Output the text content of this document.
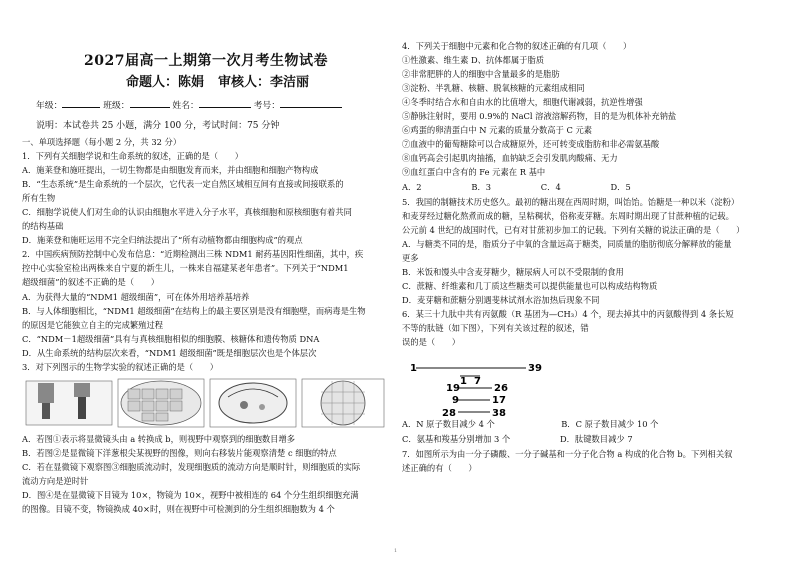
2027届高一上期第一次月考生物试卷
命题人：陈娟 审核人：李洁丽
年级：	班级：	姓名：	考号：
说明：本试卷共 25 小题，满分 100 分，考试时间：75 分钟
一、单项选择题（每小题 2 分，共 32 分）
1．下列有关细胞学说和生命系统的叙述，正确的是（　　）
A．施莱登和施旺提出，一切生物都是由细胞发育而来，并由细胞和细胞产物构成
B．“生态系统”是生命系统的一个层次，它代表一定自然区域相互间有直接或间接联系的
所有生物
C．细胞学说使人们对生命的认识由细胞水平进入分子水平，真核细胞和原核细胞有着共同
的结构基础
D．施莱登和施旺运用不完全归纳法提出了“所有动植物都由细胞构成”的观点
2．中国疾病预防控制中心发布信息：“近期检测出三株 NDM1 耐药基因阳性细菌，其中，疾
控中心实验室检出两株来自宁夏的新生儿，一株来自福建某老年患者”。下列关于“NDM1
超级细菌”的叙述不正确的是（　　）
A．为获得大量的“NDM1 超级细菌”，可在体外用培养基培养
B．与人体细胞相比，“NDM1 超级细菌”在结构上的最主要区别是没有细胞壁，而病毒是生物
的原因是它能独立自主的完成繁殖过程
C．“NDM－1超级细菌”具有与真核细胞相似的细胞膜、核糖体和遗传物质 DNA
D．从生命系统的结构层次来看，“NDM1 超级细菌”既是细胞层次也是个体层次
3．对下列图示的生物学实验的叙述正确的是（　　）
A．若图①表示将显微镜头由 a 转换成 b，则视野中观察到的细胞数目增多
B．若图②是显微镜下洋葱根尖某视野的图像，则向右移装片能观察清楚 c 细胞的特点
C．若在显微镜下观察图③细胞质流动时，发现细胞质的流动方向是顺时针，则细胞质的实际
流动方向是逆时针
D．图④是在显微镜下目镜为 10×，物镜为 10×，视野中被相连的 64 个分生组织细胞充满
的图像。目镜不变，物镜换成 40×时，则在视野中可检测到的分生组织细胞数为 4 个
4．下列关于细胞中元素和化合物的叙述正确的有几项（　　）
①性激素、维生素 D、抗体都属于脂质
②非常肥胖的人的细胞中含量最多的是脂肪
③淀粉、半乳糖、核糖、脱氧核糖的元素组成相同
④冬季时结合水和自由水的比值增大，细胞代谢减弱，抗逆性增强
⑤静脉注射时，要用 0.9%的 NaCl 溶液溶解药物，目的是为机体补充钠盐
⑥鸡蛋的卵清蛋白中 N 元素的质量分数高于 C 元素
⑦血液中的葡萄糖除可以合成糖原外，还可转变成脂肪和非必需氨基酸
⑧血钙高会引起肌肉抽搐，血钠缺乏会引发肌肉酸痛、无力
⑨血红蛋白中含有的 Fe 元素在 R 基中
A．2　　　　　　B．3　　　　　　C．4　　　　　　D．5
5．我国的制糖技术历史悠久。最初的糖出现在西周时期，叫饴饴。饴糖是一种以米（淀粉）
和麦芽经过糖化熬煮而成的糖，呈粘稠状，俗称麦芽糖。东周时期出现了甘蔗种植的记载。
公元前 4 世纪的战国时代，已有对甘蔗初步加工的记载。下列有关糖的说法正确的是（　　）
A．与糖类不同的是，脂质分子中氧的含量远高于糖类，同质量的脂肪彻底分解释放的能量
更多
B．米饭和馒头中含麦芽糖少，糖尿病人可以不受限制的食用
C．蔗糖、纤维素和几丁质这些糖类可以提供能量也可以构成结构物质
D．麦芽糖和蔗糖分别遇斐林试剂水浴加热后现象不同
6．某三十九肽中共有丙氨酸（R 基团为—CH₃）4 个，现去掉其中的丙氨酸得到 4 条长短
不等的肽链（如下图），下列有关该过程的叙述，错
误的是（　　）
1	39
1 7
19	26
9	17
28	38
A．N 原子数目减少 4 个　　　　　　　　B．C 原子数目减少 10 个
C．氨基和羧基分别增加 3 个　　　　　　D．肽键数目减少 7
7．如图所示为由一分子磷酸、一分子碱基和一分子化合物 a 构成的化合物 b。下列相关叙
述正确的有（　　）
1
